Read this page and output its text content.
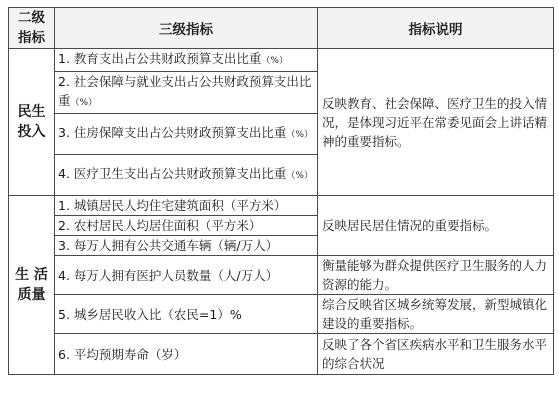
二级
指标	三级指标	指标说明
民生
投入	1. 教育支出占公共财政预算支出比重（%）	反映教育、社会保障、医疗卫生的投入情况，是体现习近平在常委见面会上讲话精神的重要指标。
	2. 社会保障与就业支出占公共财政预算支出比重（%）	
	3. 住房保障支出占公共财政预算支出比重（%）	
	4. 医疗卫生支出占公共财政预算支出比重（%）	
生 活
质量	1. 城镇居民人均住宅建筑面积（平方米）	反映居民居住情况的重要指标。
	2. 农村居民人均居住面积（平方米）	
	3. 每万人拥有公共交通车辆（辆/万人）	
	4. 每万人拥有医护人员数量（人/万人）	衡量能够为群众提供医疗卫生服务的人力资源的能力。
	5. 城乡居民收入比（农民=1）%	综合反映省区城乡统筹发展，新型城镇化建设的重要指标。
	6. 平均预期寿命（岁）	反映了各个省区疾病水平和卫生服务水平的综合状况
